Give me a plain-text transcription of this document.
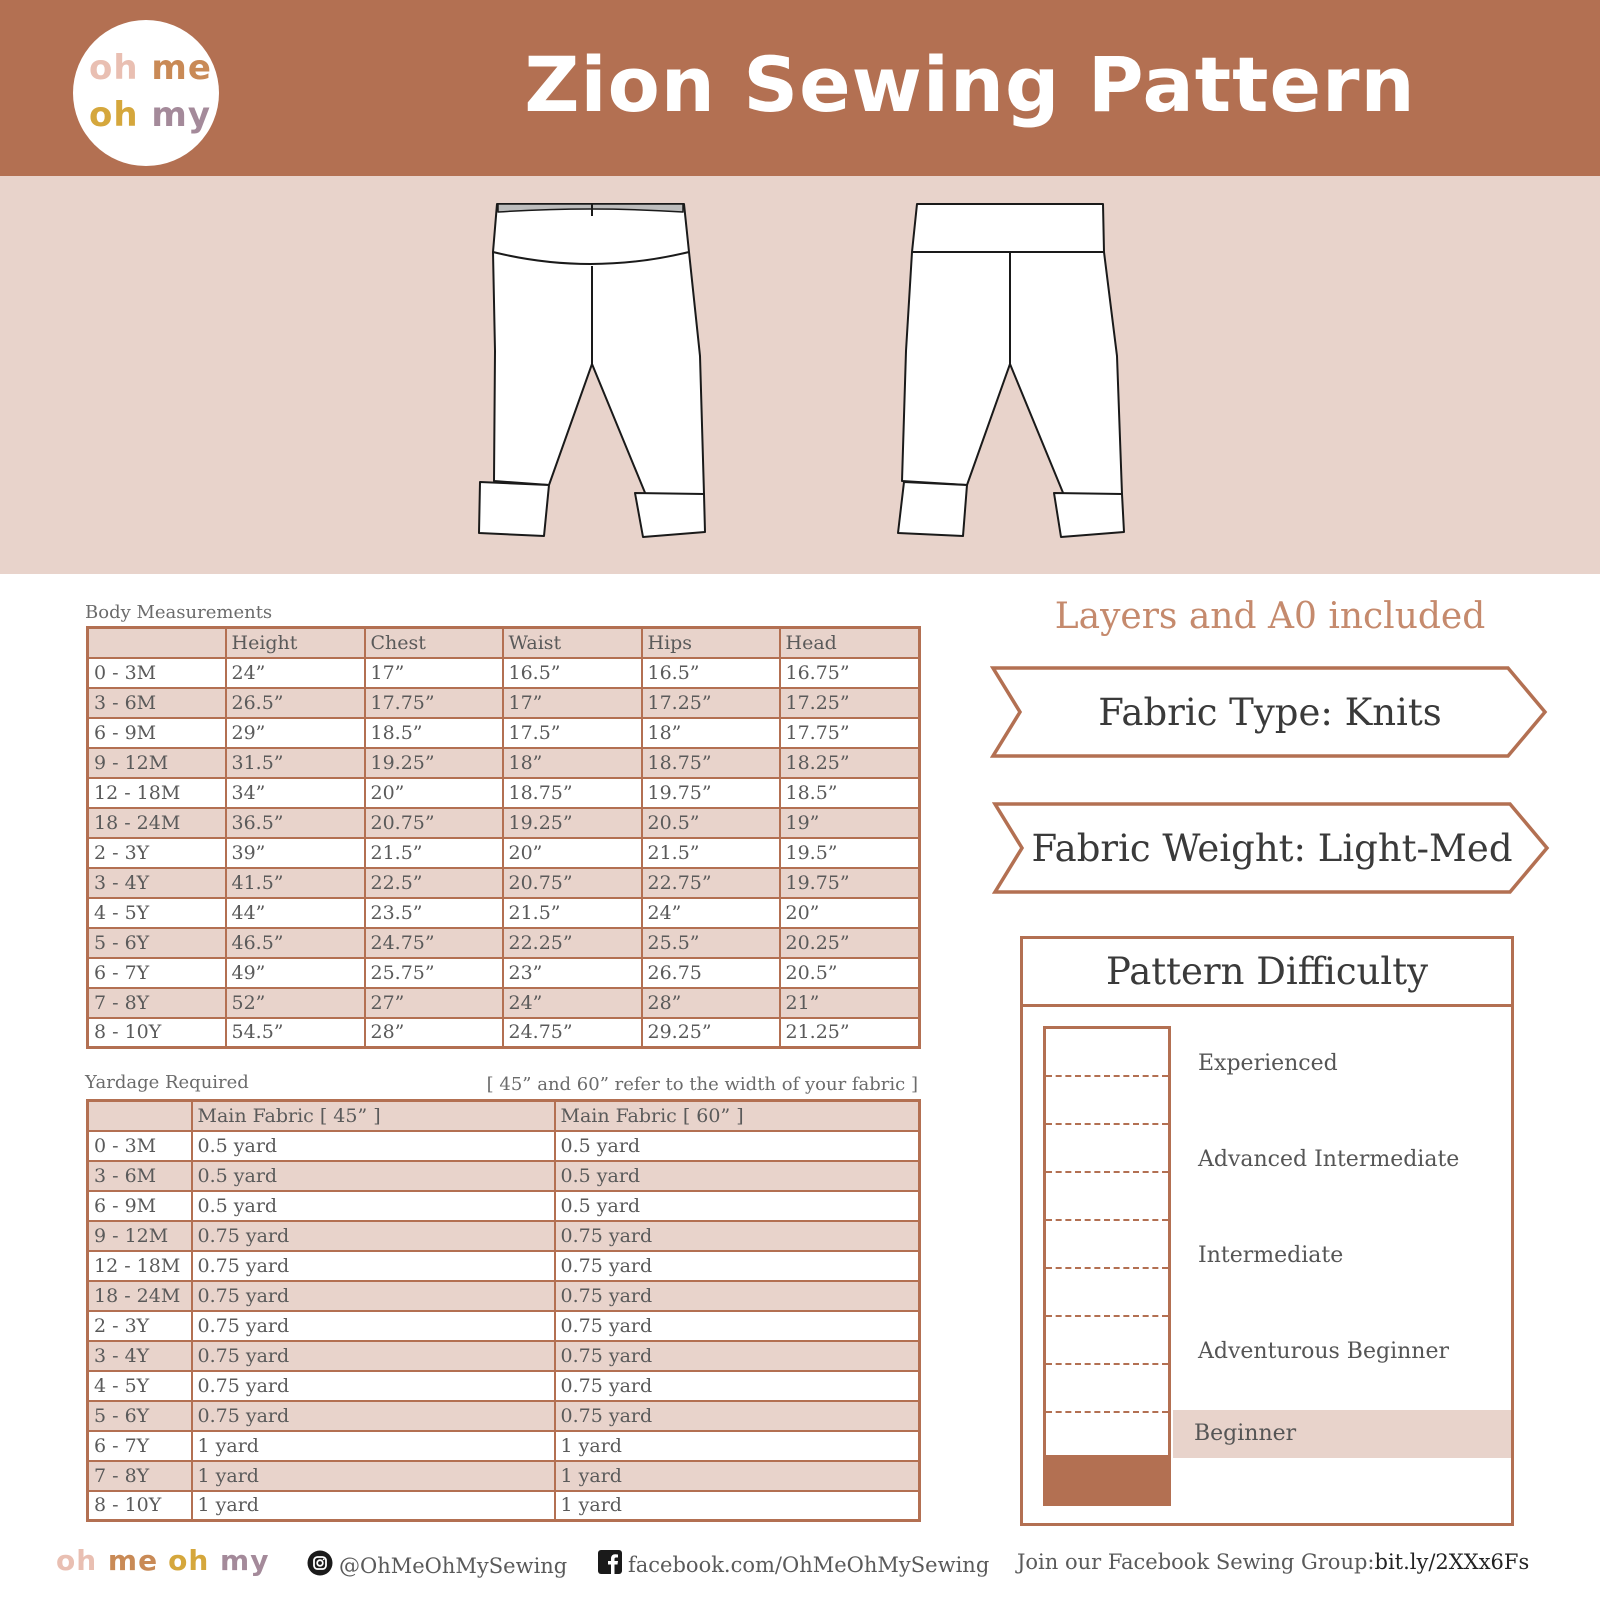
oh me
oh my	Zion Sewing Pattern
Body Measurements
	Height	Chest	Waist	Hips	Head
0 - 3M	24”	17”	16.5”	16.5”	16.75”
3 - 6M	26.5”	17.75”	17”	17.25”	17.25”
6 - 9M	29”	18.5”	17.5”	18”	17.75”
9 - 12M	31.5”	19.25”	18”	18.75”	18.25”
12 - 18M	34”	20”	18.75”	19.75”	18.5”
18 - 24M	36.5”	20.75”	19.25”	20.5”	19”
2 - 3Y	39”	21.5”	20”	21.5”	19.5”
3 - 4Y	41.5”	22.5”	20.75”	22.75”	19.75”
4 - 5Y	44”	23.5”	21.5”	24”	20”
5 - 6Y	46.5”	24.75”	22.25”	25.5”	20.25”
6 - 7Y	49”	25.75”	23”	26.75	20.5”
7 - 8Y	52”	27”	24”	28”	21”
8 - 10Y	54.5”	28”	24.75”	29.25”	21.25”
Yardage Required	[ 45” and 60” refer to the width of your fabric ]
	Main Fabric [ 45” ]	Main Fabric [ 60” ]
0 - 3M	0.5 yard	0.5 yard
3 - 6M	0.5 yard	0.5 yard
6 - 9M	0.5 yard	0.5 yard
9 - 12M	0.75 yard	0.75 yard
12 - 18M	0.75 yard	0.75 yard
18 - 24M	0.75 yard	0.75 yard
2 - 3Y	0.75 yard	0.75 yard
3 - 4Y	0.75 yard	0.75 yard
4 - 5Y	0.75 yard	0.75 yard
5 - 6Y	0.75 yard	0.75 yard
6 - 7Y	1 yard	1 yard
7 - 8Y	1 yard	1 yard
8 - 10Y	1 yard	1 yard
Layers and A0 included
Fabric Type: Knits
Fabric Weight: Light-Med
Pattern Difficulty
Experienced
Advanced Intermediate
Intermediate
Adventurous Beginner
Beginner
oh me oh my	@OhMeOhMySewing	facebook.com/OhMeOhMySewing Join our Facebook Sewing Group: bit.ly/2XXx6Fs
